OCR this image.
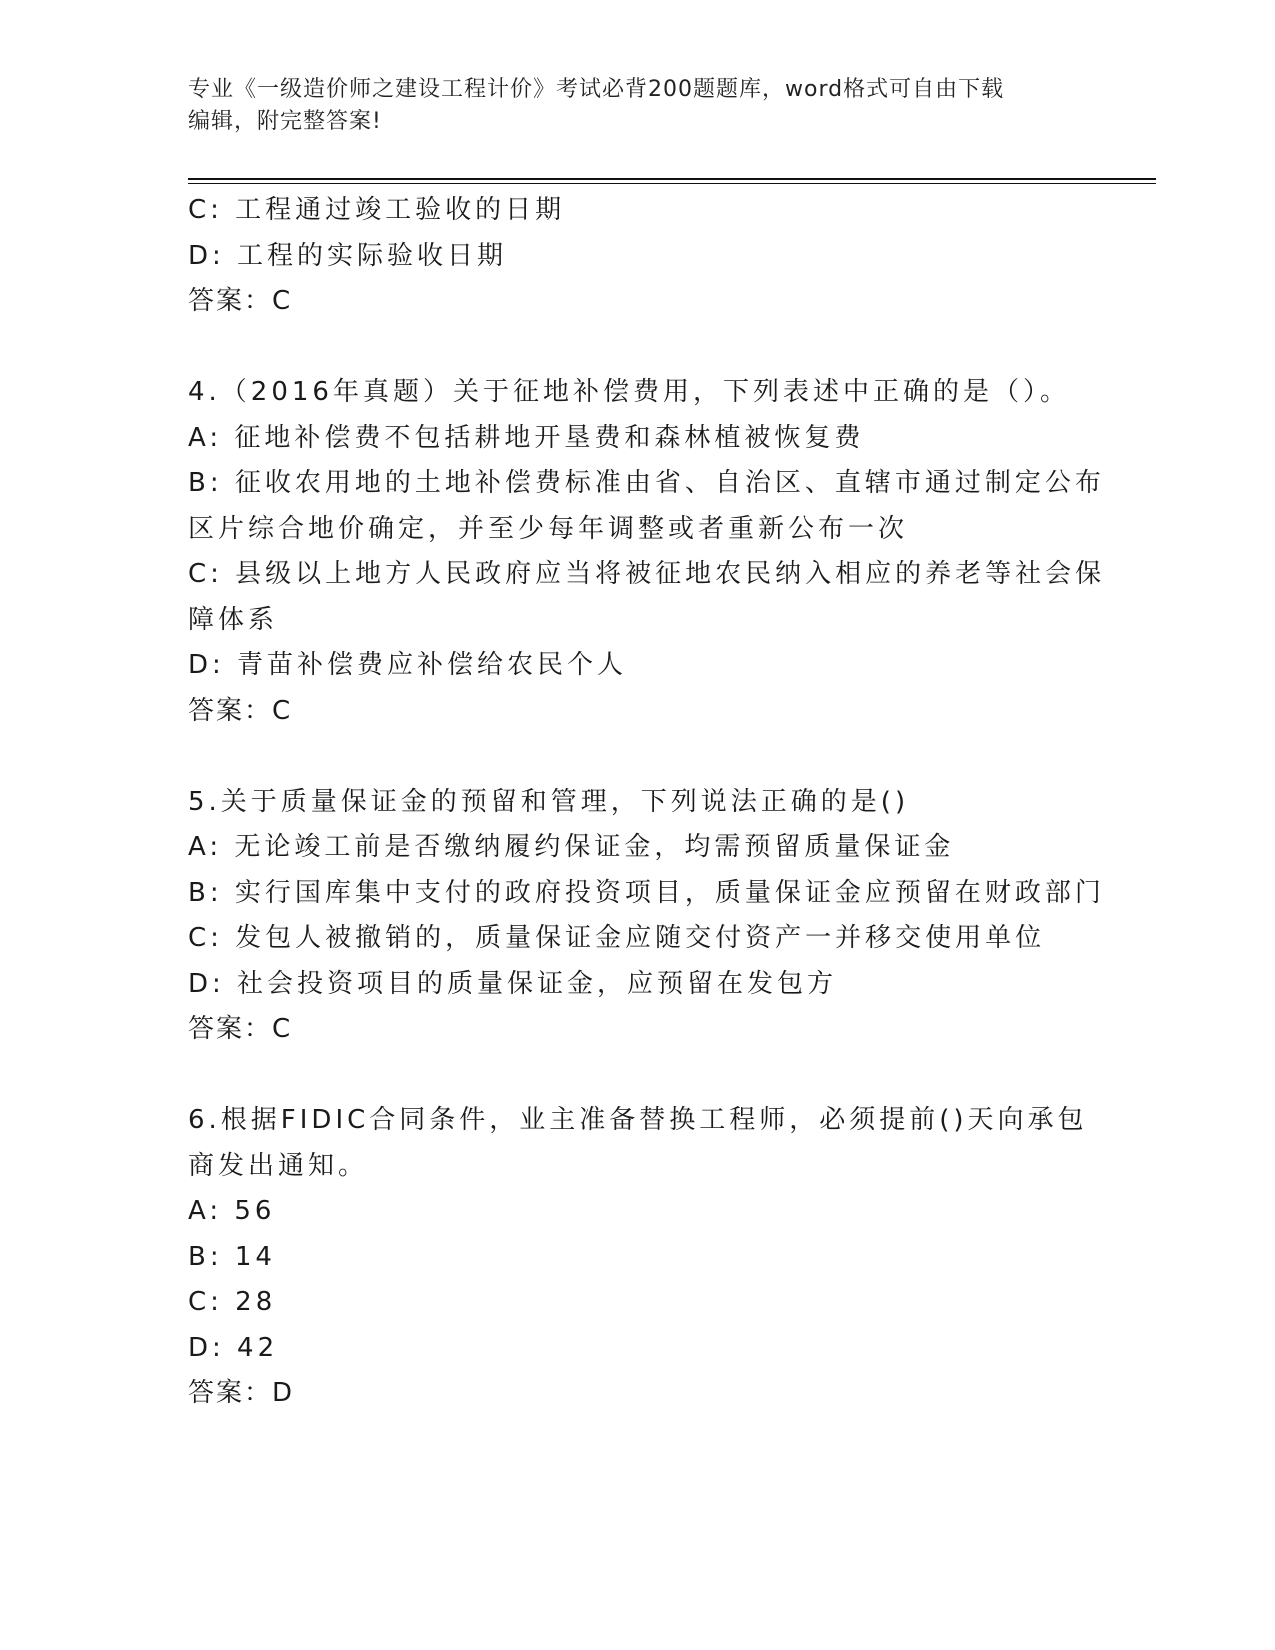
专业《一级造价师之建设工程计价》考试必背200题题库，word格式可自由下载
编辑，附完整答案!
C: 工程通过竣工验收的日期
D: 工程的实际验收日期
答案：C
4.（2016年真题）关于征地补偿费用，下列表述中正确的是（）。
A: 征地补偿费不包括耕地开垦费和森林植被恢复费
B: 征收农用地的土地补偿费标准由省、自治区、直辖市通过制定公布
区片综合地价确定，并至少每年调整或者重新公布一次
C: 县级以上地方人民政府应当将被征地农民纳入相应的养老等社会保
障体系
D: 青苗补偿费应补偿给农民个人
答案：C
5.关于质量保证金的预留和管理，下列说法正确的是()
A: 无论竣工前是否缴纳履约保证金，均需预留质量保证金
B: 实行国库集中支付的政府投资项目，质量保证金应预留在财政部门
C: 发包人被撤销的，质量保证金应随交付资产一并移交使用单位
D: 社会投资项目的质量保证金，应预留在发包方
答案：C
6.根据FIDIC合同条件，业主准备替换工程师，必须提前()天向承包
商发出通知。
A: 56
B: 14
C: 28
D: 42
答案：D
